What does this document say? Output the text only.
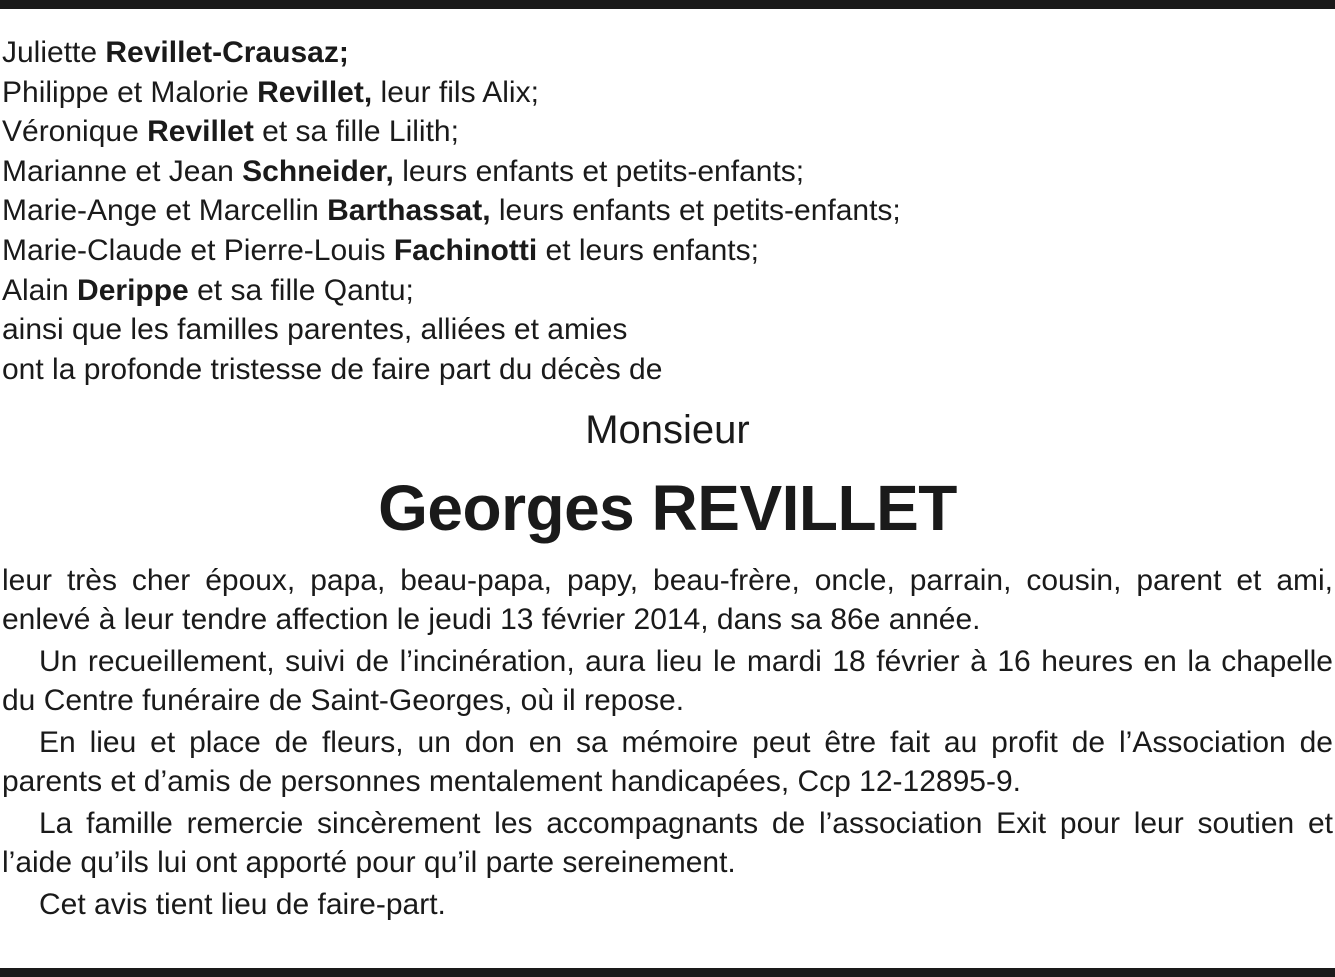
Juliette Revillet-Crausaz;
Philippe et Malorie Revillet, leur fils Alix;
Véronique Revillet et sa fille Lilith;
Marianne et Jean Schneider, leurs enfants et petits-enfants;
Marie-Ange et Marcellin Barthassat, leurs enfants et petits-enfants;
Marie-Claude et Pierre-Louis Fachinotti et leurs enfants;
Alain Derippe et sa fille Qantu;
ainsi que les familles parentes, alliées et amies
ont la profonde tristesse de faire part du décès de
Monsieur
Georges REVILLET

leur très cher époux, papa, beau-papa, papy, beau-frère, oncle, parrain, cousin, parent et ami, enlevé à leur tendre affection le jeudi 13 février 2014, dans sa 86e année.

Un recueillement, suivi de l’incinération, aura lieu le mardi 18 février à 16 heures en la chapelle du Centre funéraire de Saint-Georges, où il repose.

En lieu et place de fleurs, un don en sa mémoire peut être fait au profit de l’Association de parents et d’amis de personnes mentalement handicapées, Ccp 12-12895-9.

La famille remercie sincèrement les accompagnants de l’association Exit pour leur soutien et l’aide qu’ils lui ont apporté pour qu’il parte sereinement.

Cet avis tient lieu de faire-part.
